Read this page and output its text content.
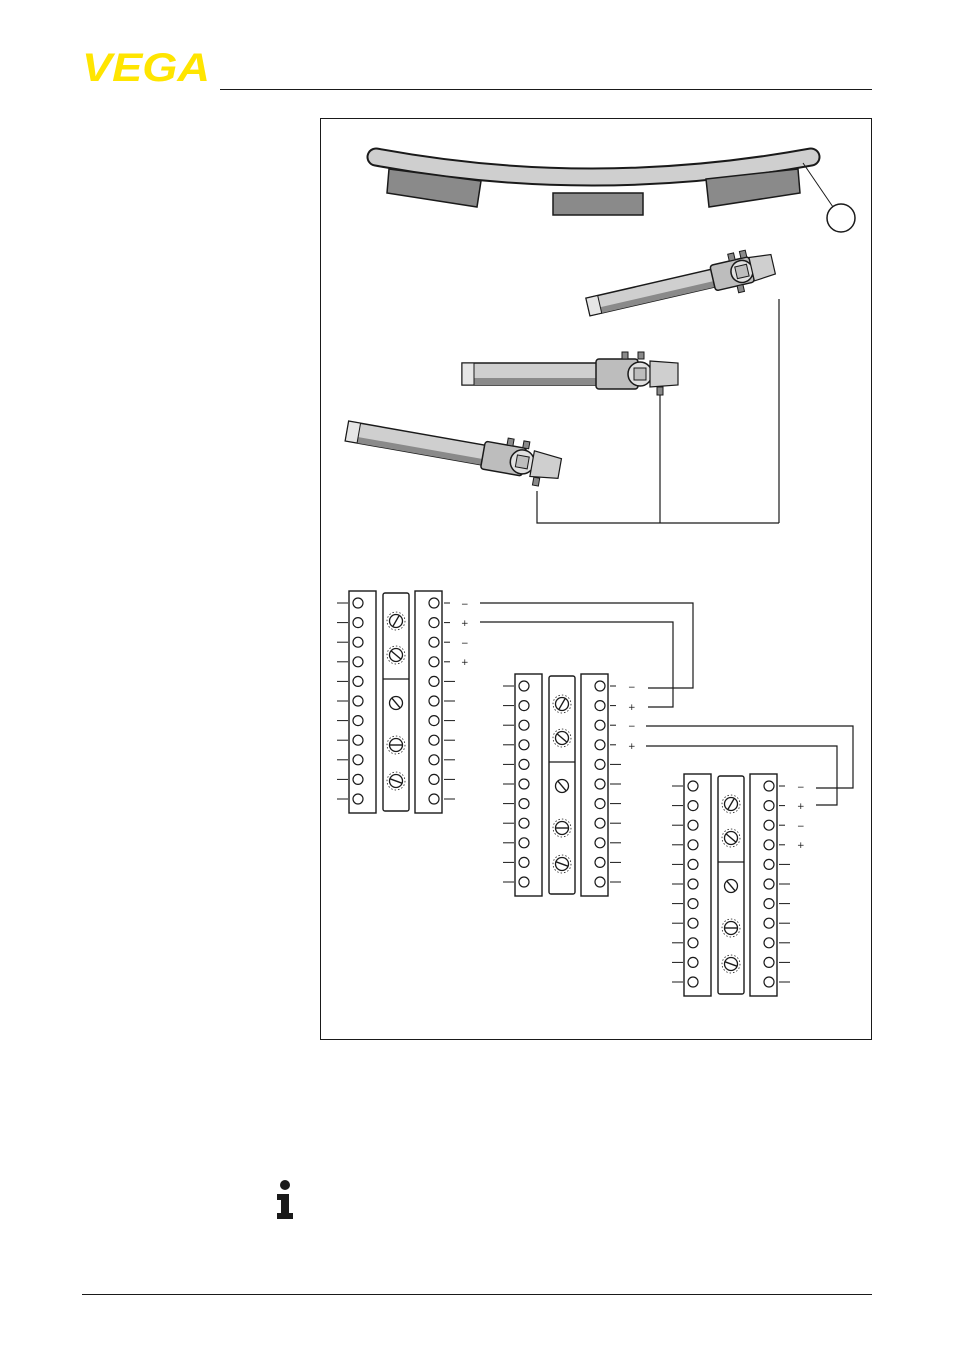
VEGA
−
+
−
+
−
+
−
+
−
+
−
+
